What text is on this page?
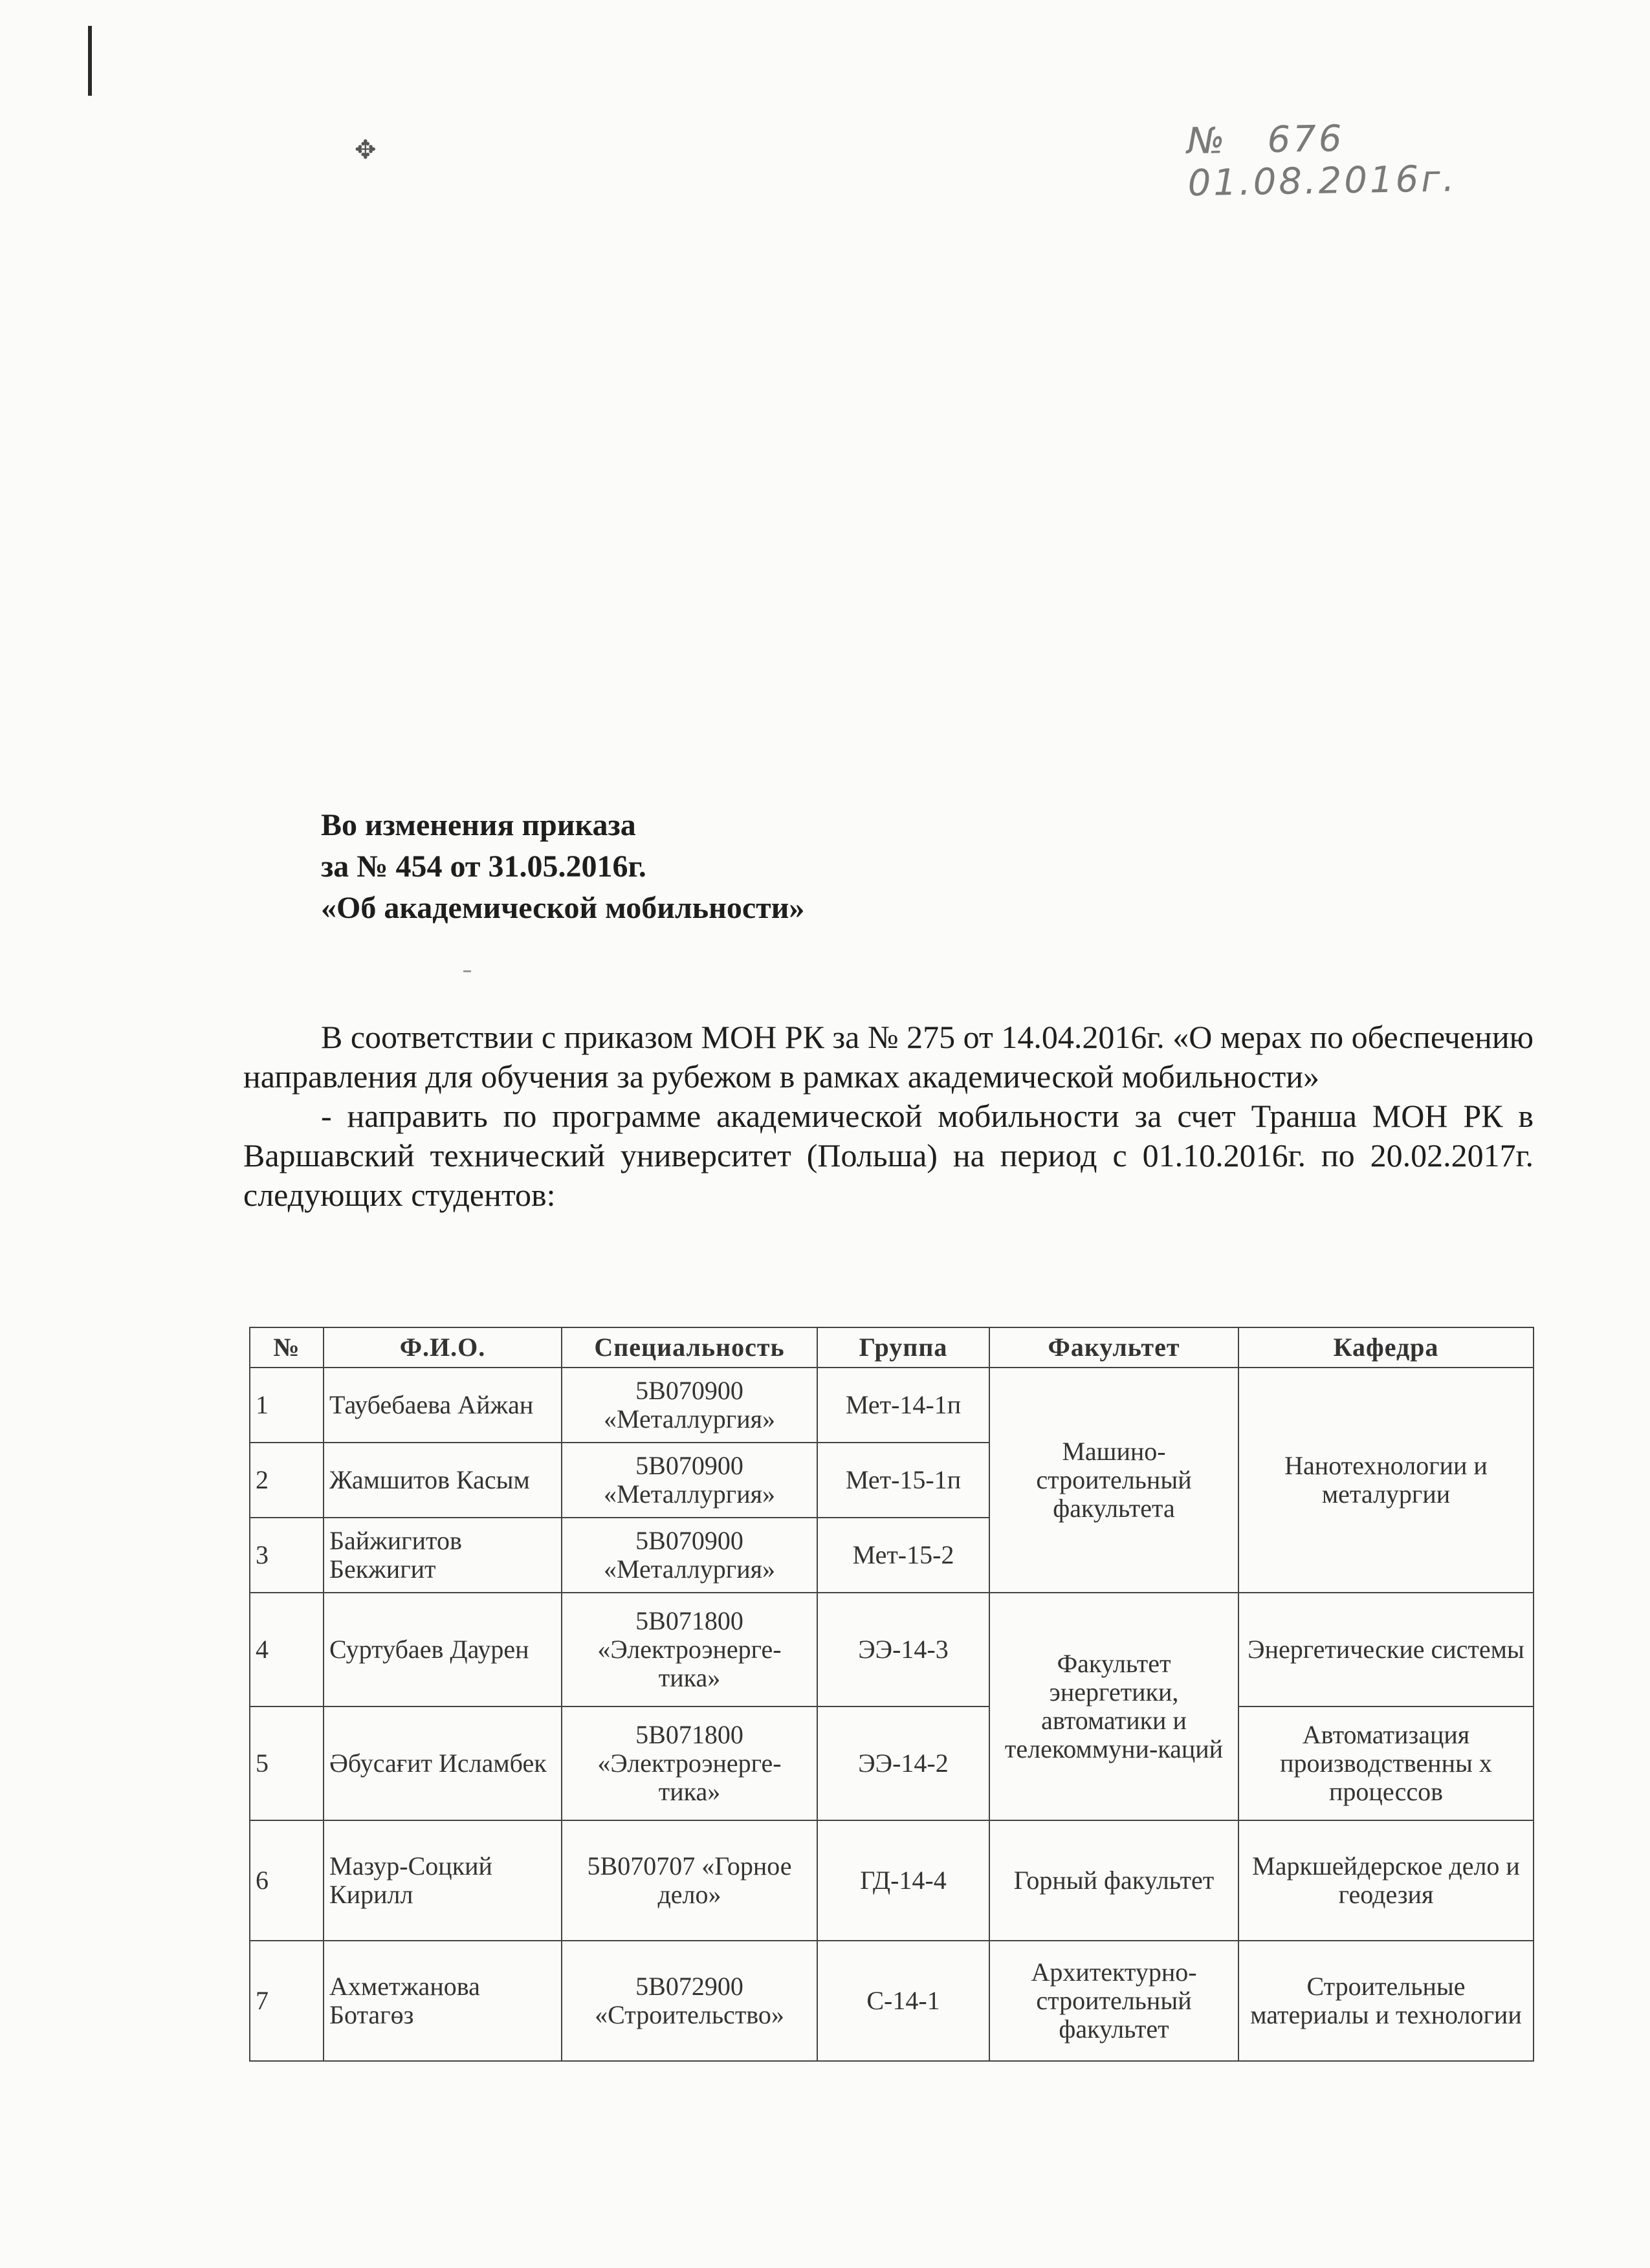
✥	№ 676 01.08.2016г.
Во изменения приказа
за № 454 от 31.05.2016г.
«Об академической мобильности»

В соответствии с приказом МОН РК за № 275 от 14.04.2016г. «О мерах по обеспечению направления для обучения за рубежом в рамках академической мобильности»

- направить по программе академической мобильности за счет Транша МОН РК в Варшавский технический университет (Польша) на период с 01.10.2016г. по 20.02.2017г. следующих студентов:

№	Ф.И.О.	Специальность	Группа	Факультет	Кафедра
1	Таубебаева Айжан	5В070900 «Металлургия»	Мет-14-1п	Машино-строительный факультета	Нанотехнологии и металургии
2	Жамшитов Касым	5В070900 «Металлургия»	Мет-15-1п		
3	Байжигитов Бекжигит	5В070900 «Металлургия»	Мет-15-2		
4	Суртубаев Даурен	5В071800 «Электроэнерге-тика»	ЭЭ-14-3	Факультет энергетики, автоматики и телекоммуни-каций	Энергетические системы
5	Әбусағит Исламбек	5В071800 «Электроэнерге-тика»	ЭЭ-14-2		Автоматизация производственны х процессов
6	Мазур-Соцкий Кирилл	5В070707 «Горное дело»	ГД-14-4	Горный факультет	Маркшейдерское дело и геодезия
7	Ахметжанова Ботагөз	5В072900 «Строительство»	С-14-1	Архитектурно-строительный факультет	Строительные материалы и технологии
